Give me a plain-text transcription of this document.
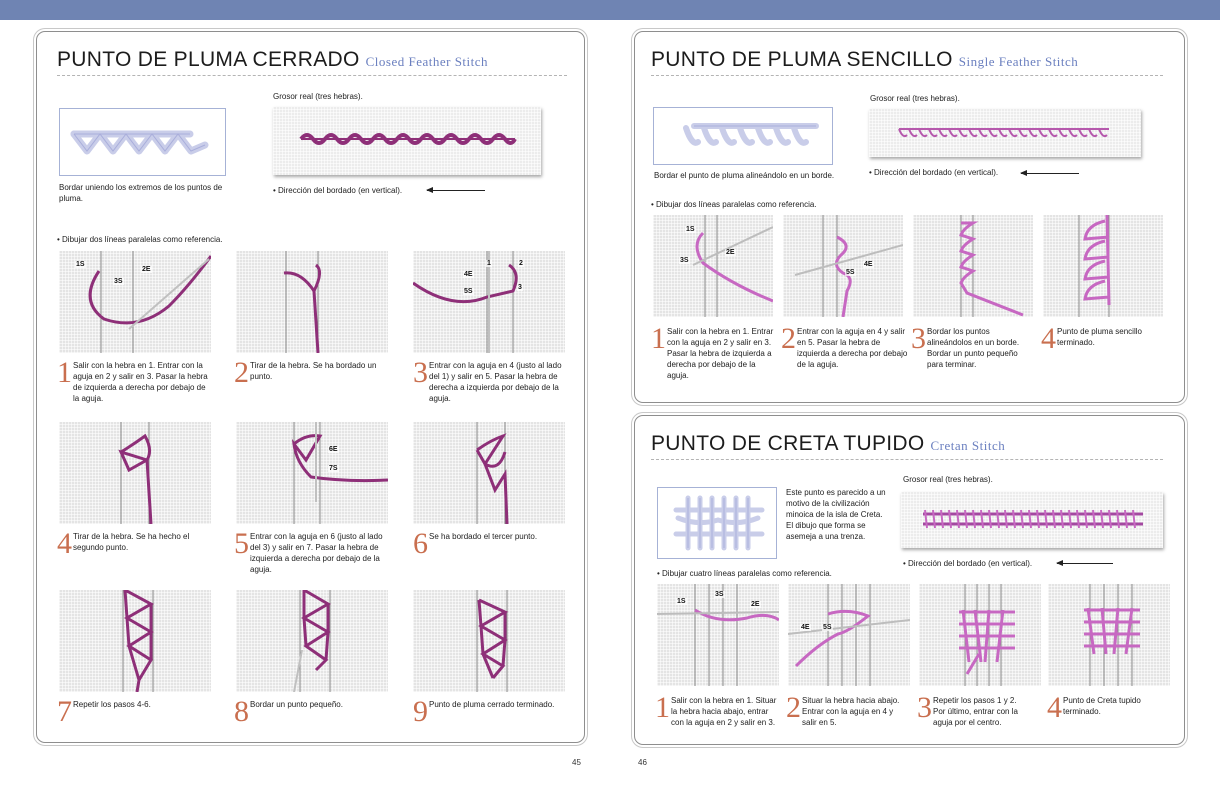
PUNTO DE PLUMA CERRADO Closed Feather Stitch
Bordar uniendo los extremos de los puntos de pluma.
Grosor real (tres hebras).
• Dirección del bordado (en vertical).
• Dibujar dos líneas paralelas como referencia.
1S
3S
2E
4E
1	2
5S
3
1 Salir con la hebra en 1. Entrar con la aguja en 2 y salir en 3. Pasar la hebra de izquierda a derecha por debajo de la aguja.
2 Tirar de la hebra. Se ha bordado un punto.	3 Entrar con la aguja en 4 (justo al lado del 1) y salir en 5. Pasar la hebra de derecha a izquierda por debajo de la aguja.
6E
7S
4 Tirar de la hebra. Se ha hecho el segundo punto.	5 Entrar con la aguja en 6 (justo al lado del 3) y salir en 7. Pasar la hebra de izquierda a derecha por debajo de la aguja.
6 Se ha bordado el tercer punto.
7 Repetir los pasos 4-6.	8 Bordar un punto pequeño.	9 Punto de pluma cerrado terminado.
45
PUNTO DE PLUMA SENCILLO Single Feather Stitch
Bordar el punto de pluma alineándolo en un borde.
Grosor real (tres hebras).
• Dirección del bordado (en vertical).
• Dibujar dos líneas paralelas como referencia.
1S
2E
3S
5S
4E
1 Salir con la hebra en 1. Entrar con la aguja en 2 y salir en 3. Pasar la hebra de izquierda a derecha por debajo de la aguja.
2 Entrar con la aguja en 4 y salir en 5. Pasar la hebra de izquierda a derecha por debajo de la aguja.
3 Bordar los puntos alineándolos en un borde. Bordar un punto pequeño para terminar.
4 Punto de pluma sencillo terminado.
PUNTO DE CRETA TUPIDO Cretan Stitch
Este punto es parecido a un motivo de la civilización minoica de la isla de Creta. El dibujo que forma se asemeja a una trenza.
Grosor real (tres hebras).
• Dirección del bordado (en vertical).
• Dibujar cuatro líneas paralelas como referencia.
1S
3S
2E
4E 5S
1 Salir con la hebra en 1. Situar la hebra hacia abajo, entrar con la aguja en 2 y salir en 3. 2 Situar la hebra hacia abajo. Entrar con la aguja en 4 y salir en 5.	3 Repetir los pasos 1 y 2. Por último, entrar con la aguja por el centro.	4 Punto de Creta tupido terminado.
46
